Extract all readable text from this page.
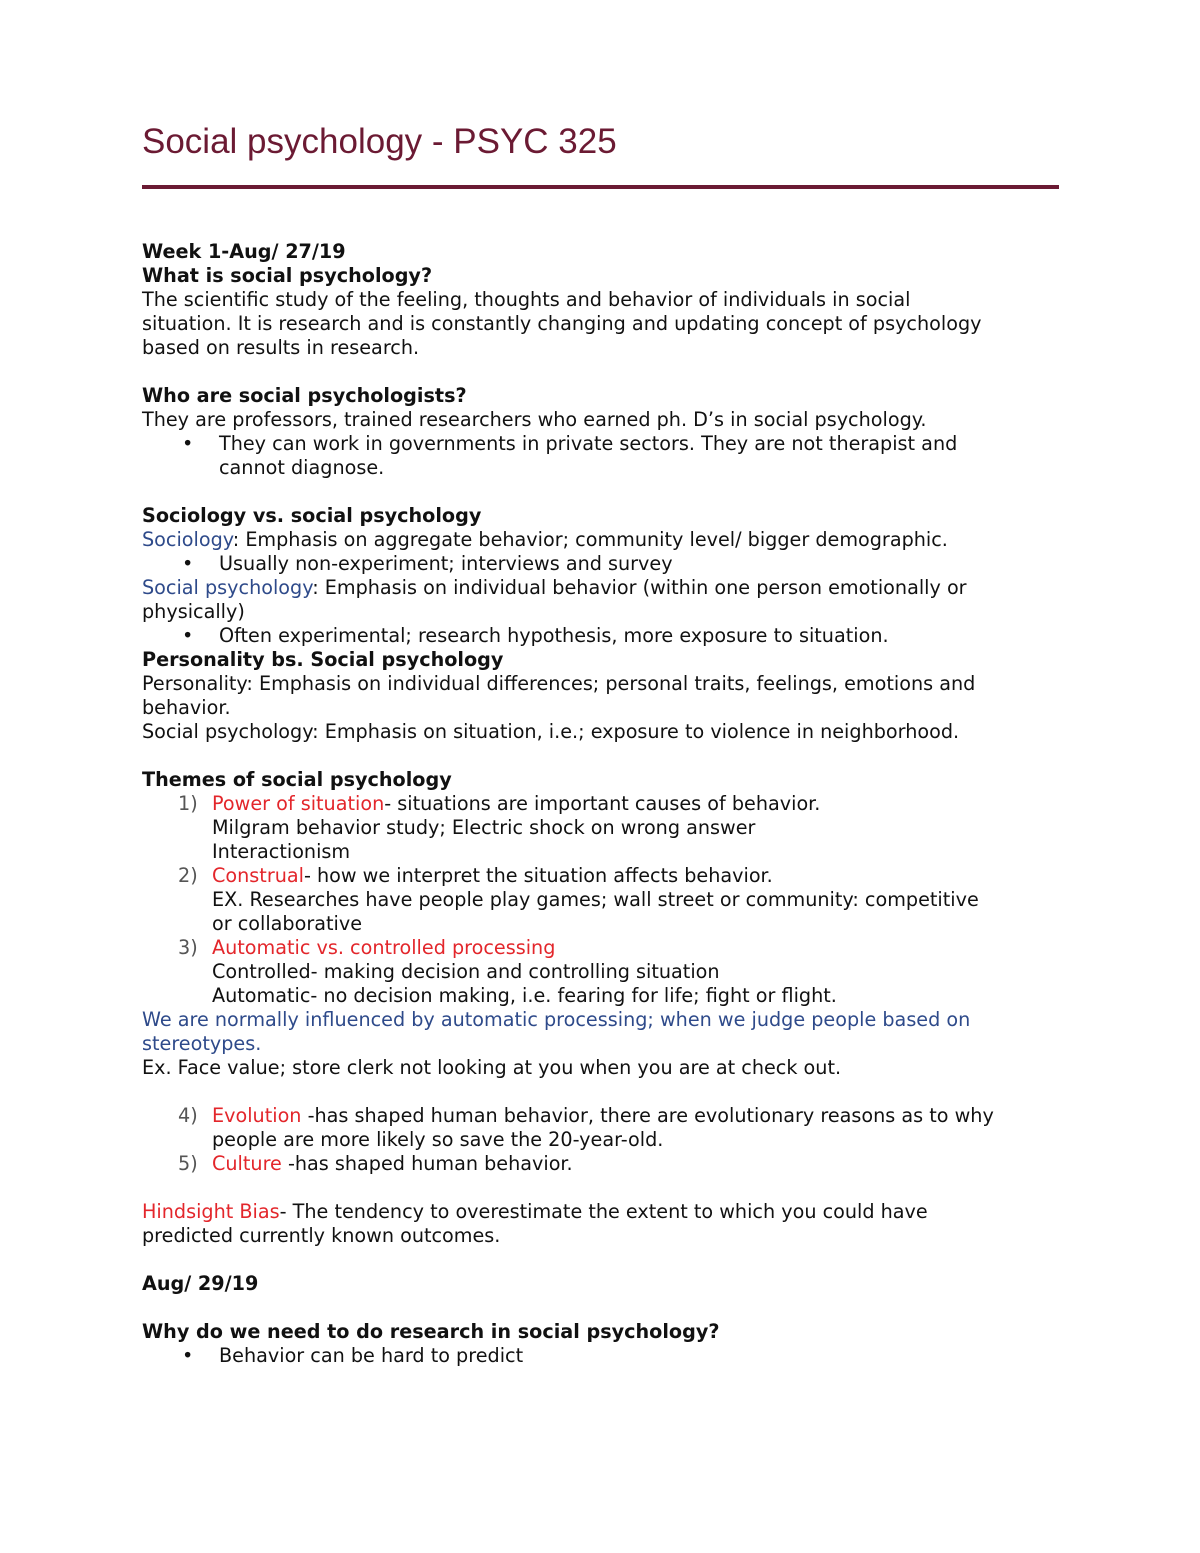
Social psychology - PSYC 325
Week 1-Aug/ 27/19
What is social psychology?
The scientific study of the feeling, thoughts and behavior of individuals in social
situation. It is research and is constantly changing and updating concept of psychology
based on results in research.
Who are social psychologists?
They are professors, trained researchers who earned ph. D’s in social psychology.
• They can work in governments in private sectors. They are not therapist and
cannot diagnose.
Sociology vs. social psychology
Sociology: Emphasis on aggregate behavior; community level/ bigger demographic.
• Usually non-experiment; interviews and survey
Social psychology: Emphasis on individual behavior (within one person emotionally or
physically)
• Often experimental; research hypothesis, more exposure to situation.
Personality bs. Social psychology
Personality: Emphasis on individual differences; personal traits, feelings, emotions and
behavior.
Social psychology: Emphasis on situation, i.e.; exposure to violence in neighborhood.
Themes of social psychology
1) Power of situation- situations are important causes of behavior.
Milgram behavior study; Electric shock on wrong answer
Interactionism
2) Construal- how we interpret the situation affects behavior.
EX. Researches have people play games; wall street or community: competitive
or collaborative
3) Automatic vs. controlled processing
Controlled- making decision and controlling situation
Automatic- no decision making, i.e. fearing for life; fight or flight.
We are normally influenced by automatic processing; when we judge people based on
stereotypes.
Ex. Face value; store clerk not looking at you when you are at check out.
4) Evolution -has shaped human behavior, there are evolutionary reasons as to why
people are more likely so save the 20-year-old.
5) Culture -has shaped human behavior.
Hindsight Bias- The tendency to overestimate the extent to which you could have
predicted currently known outcomes.
Aug/ 29/19
Why do we need to do research in social psychology?
• Behavior can be hard to predict
